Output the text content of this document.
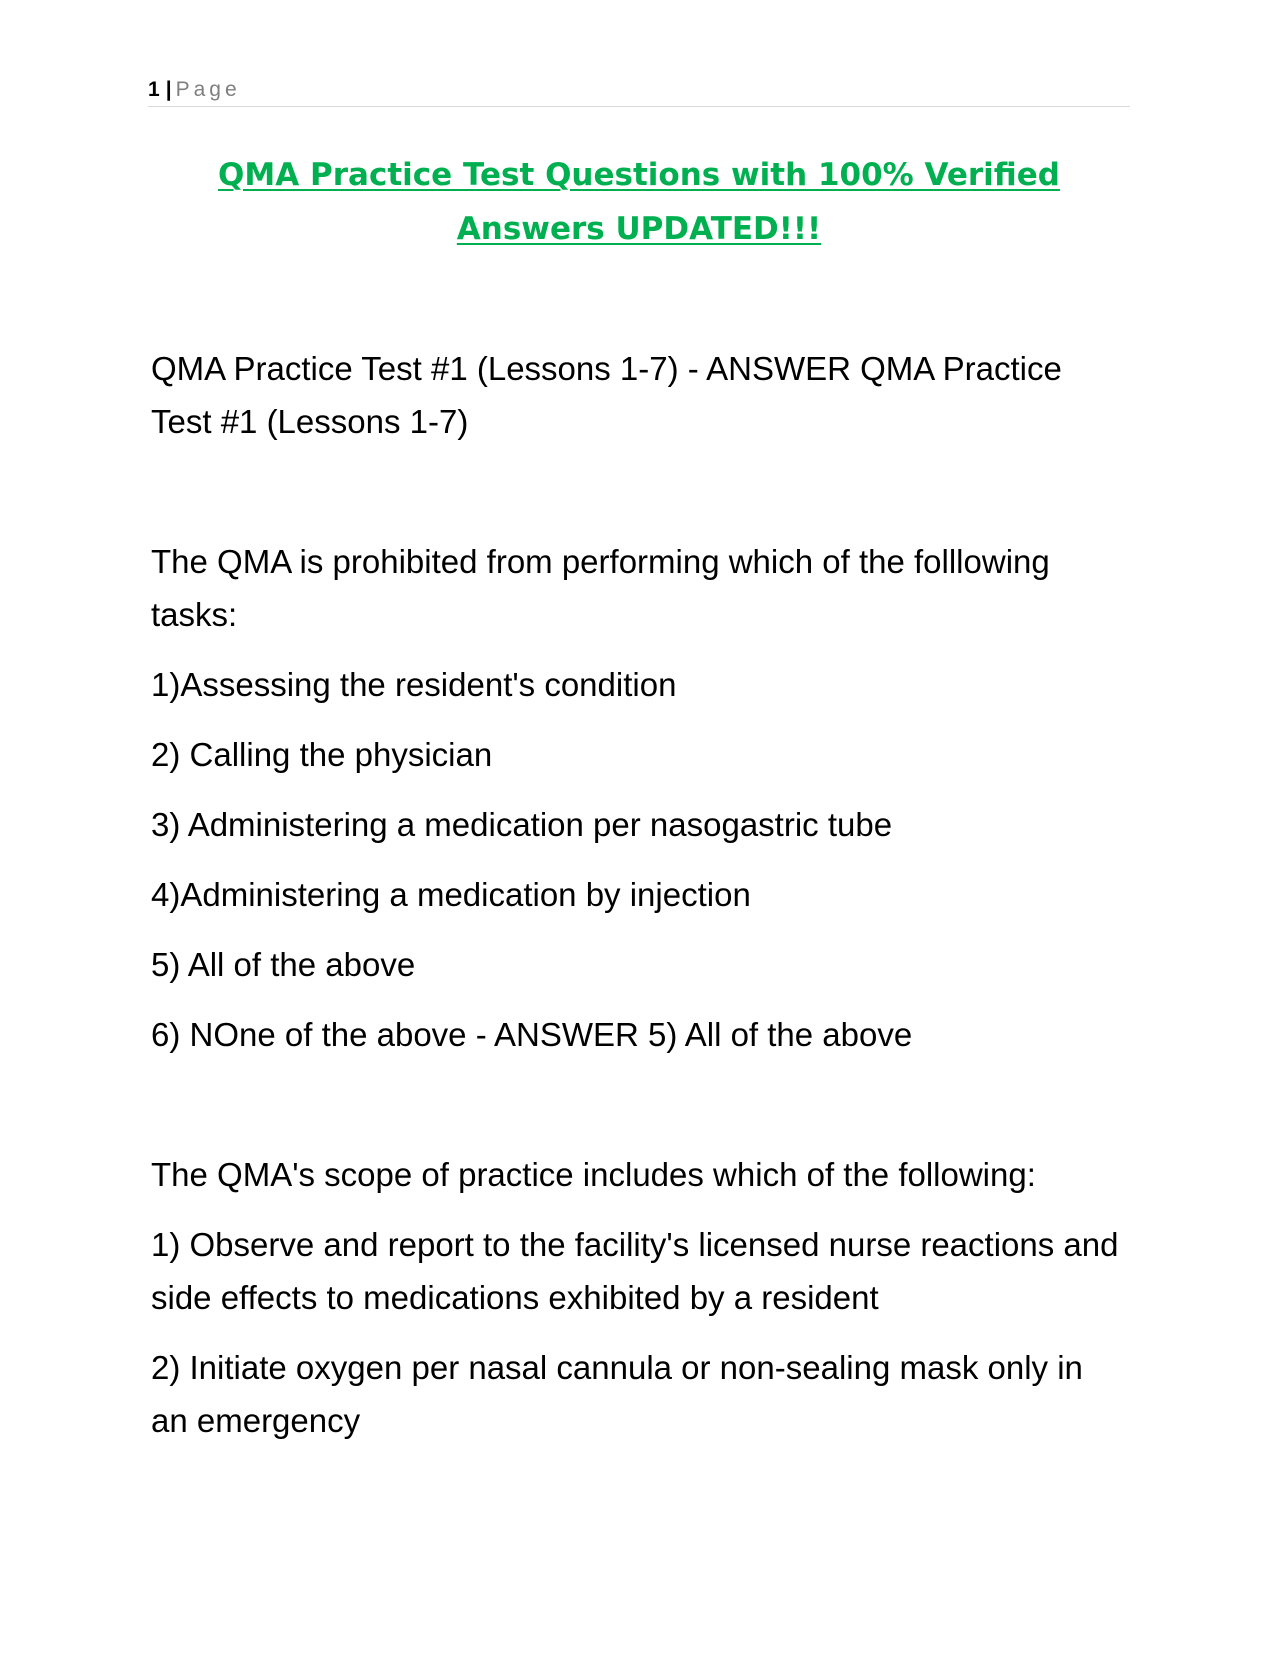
1 | Page
QMA Practice Test Questions with 100% Verified
Answers UPDATED!!!

QMA Practice Test #1 (Lessons 1-7) - ANSWER QMA Practice Test #1 (Lessons 1-7)

The QMA is prohibited from performing which of the folllowing tasks:

1)Assessing the resident's condition

2) Calling the physician

3) Administering a medication per nasogastric tube

4)Administering a medication by injection

5) All of the above

6) NOne of the above - ANSWER 5) All of the above

The QMA's scope of practice includes which of the following:

1) Observe and report to the facility's licensed nurse reactions and side effects to medications exhibited by a resident

2) Initiate oxygen per nasal cannula or non-sealing mask only in an emergency
